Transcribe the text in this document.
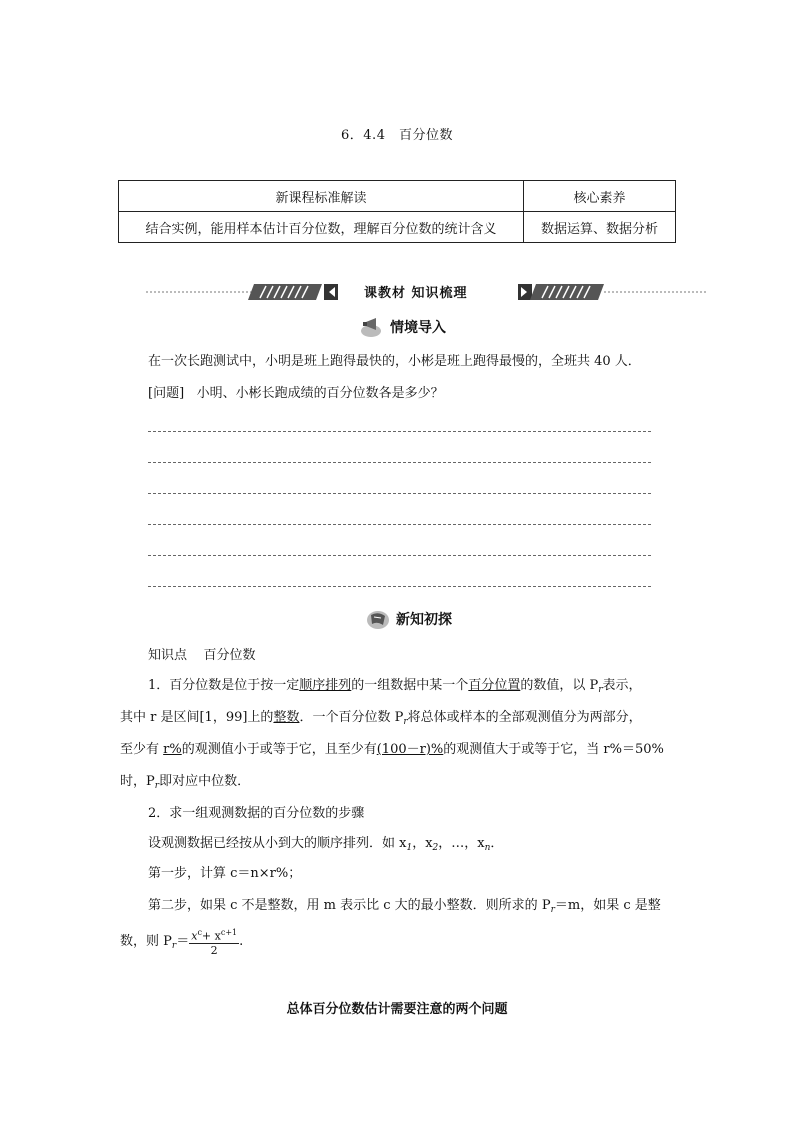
6．4.4　百分位数
新课程标准解读	核心素养
结合实例，能用样本估计百分位数，理解百分位数的统计含义	数据运算、数据分析
课教材 知识梳理
情境导入
在一次长跑测试中，小明是班上跑得最快的，小彬是班上跑得最慢的，全班共 40 人．
[问题] 小明、小彬长跑成绩的百分位数各是多少？
新知初探
知识点 百分位数
1．百分位数是位于按一定顺序排列的一组数据中某一个百分位置的数值，以 $P_r$表示，
其中 r 是区间[1，99]上的整数．一个百分位数 $P_r$将总体或样本的全部观测值分为两部分，
至少有 r%的观测值小于或等于它，且至少有(100－r)%的观测值大于或等于它，当 r%＝50%
时，$P_r$即对应中位数．
2．求一组观测数据的百分位数的步骤
设观测数据已经按从小到大的顺序排列．如 $x_1$，$x_2$，…，$x_n$．
第一步，计算 c＝n×r%；
第二步，如果 c 不是整数，用 m 表示比 c 大的最小整数．则所求的 $P_r=m$，如果 c 是整
数，则 $P_r= \frac{x^c+ x^{c+1}}{2}$ .
总体百分位数估计需要注意的两个问题
